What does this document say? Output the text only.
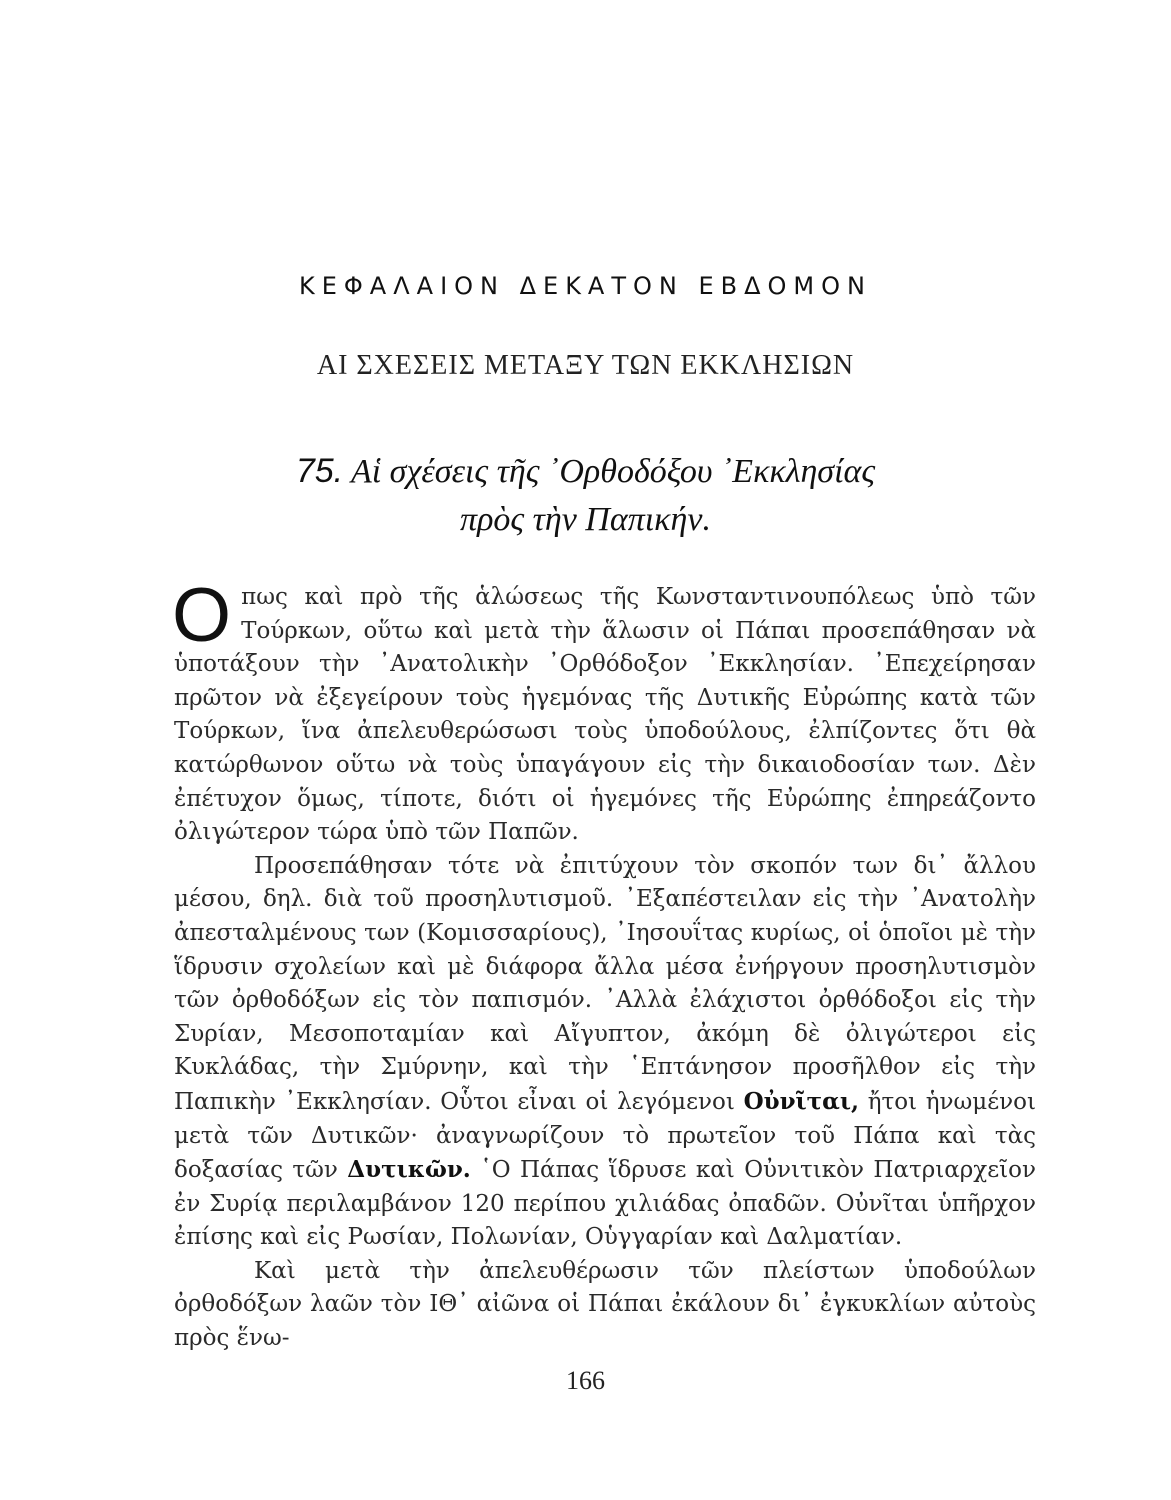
ΚΕΦΑΛΑΙΟΝ ΔΕΚΑΤΟΝ ΕΒΔΟΜΟΝ
ΑΙ ΣΧΕΣΕΙΣ ΜΕΤΑΞΥ ΤΩΝ ΕΚΚΛΗΣΙΩΝ
75. Αἱ σχέσεις τῆς ᾿Ορθοδόξου ᾿Εκκλησίας
πρὸς τὴν Παπικήν.

Οπως καὶ πρὸ τῆς ἁλώσεως τῆς Κωνσταντινουπόλεως ὑπὸ τῶν Τούρκων, οὕτω καὶ μετὰ τὴν ἅλωσιν οἱ Πάπαι προσεπάθησαν νὰ ὑποτάξουν τὴν ᾿Ανατολικὴν ᾿Ορθόδοξον ᾿Εκκλησίαν. ᾿Επεχείρησαν πρῶτον νὰ ἐξεγείρουν τοὺς ἡγεμόνας τῆς Δυτικῆς Εὐρώπης κατὰ τῶν Τούρκων, ἵνα ἀπελευθερώσωσι τοὺς ὑποδούλους, ἐλπίζοντες ὅτι θὰ κατώρθωνον οὕτω νὰ τοὺς ὑπαγάγουν εἰς τὴν δικαιοδοσίαν των. Δὲν ἐπέτυχον ὅμως, τίποτε, διότι οἱ ἡγεμόνες τῆς Εὐρώπης ἐπηρεάζοντο ὀλιγώτερον τώρα ὑπὸ τῶν Παπῶν.

Προσεπάθησαν τότε νὰ ἐπιτύχουν τὸν σκοπόν των δι᾿ ἄλλου μέσου, δηλ. διὰ τοῦ προσηλυτισμοῦ. ᾿Εξαπέστειλαν εἰς τὴν ᾿Ανατολὴν ἀπεσταλμένους των (Κομισσαρίους), ᾿Ιησουΐτας κυρίως, οἱ ὁποῖοι μὲ τὴν ἵδρυσιν σχολείων καὶ μὲ διάφορα ἄλλα μέσα ἐνήργουν προσηλυτισμὸν τῶν ὀρθοδόξων εἰς τὸν παπισμόν. ᾿Αλλὰ ἐλάχιστοι ὀρθόδοξοι εἰς τὴν Συρίαν, Μεσοποταμίαν καὶ Αἴγυπτον, ἀκόμη δὲ ὀλιγώτεροι εἰς Κυκλάδας, τὴν Σμύρνην, καὶ τὴν ῾Επτάνησον προσῆλθον εἰς τὴν Παπικὴν ᾿Εκκλησίαν. Οὗτοι εἶναι οἱ λεγόμενοι Οὐνῖται, ἤτοι ἡνωμένοι μετὰ τῶν Δυτικῶν· ἀναγνωρίζουν τὸ πρωτεῖον τοῦ Πάπα καὶ τὰς δοξασίας τῶν Δυτικῶν. ῾Ο Πάπας ἵδρυσε καὶ Οὐνιτικὸν Πατριαρχεῖον ἐν Συρίᾳ περιλαμβάνον 120 περίπου χιλιάδας ὀπαδῶν. Οὐνῖται ὑπῆρχον ἐπίσης καὶ εἰς Ρωσίαν, Πολωνίαν, Οὑγγαρίαν καὶ Δαλματίαν.

Καὶ μετὰ τὴν ἀπελευθέρωσιν τῶν πλείστων ὑποδούλων ὀρθοδόξων λαῶν τὸν ΙΘ᾿ αἰῶνα οἱ Πάπαι ἐκάλουν δι᾿ ἐγκυκλίων αὐτοὺς πρὸς ἕνω-

166
